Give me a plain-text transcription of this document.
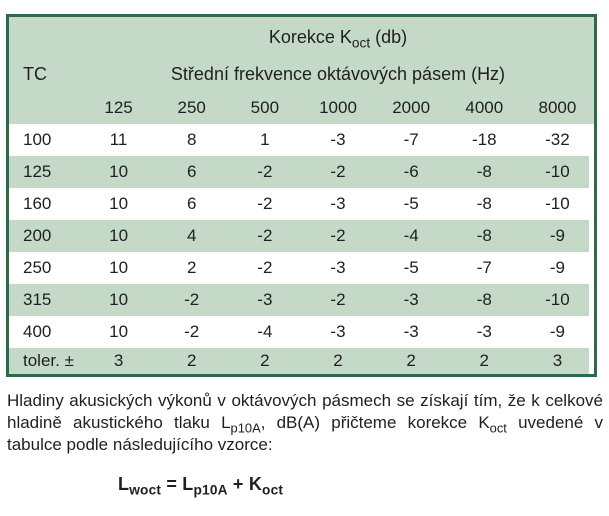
	Korekce $K_{oct}$ (db)						
TC	Střední frekvence oktávových pásem (Hz)						
	125	250	500	1000	2000	4000	8000
100	11	8	1	-3	-7	-18	-32
125	10	6	-2	-2	-6	-8	-10
160	10	6	-2	-3	-5	-8	-10
200	10	4	-2	-2	-4	-8	-9
250	10	2	-2	-3	-5	-7	-9
315	10	-2	-3	-2	-3	-8	-10
400	10	-2	-4	-3	-3	-3	-9
toler. ±	3	2	2	2	2	2	3

Hladiny akusických výkonů v oktávových pásmech se získají tím, že k celkové hladině akustického tlaku $L_{p10A}$, dB(A) přičteme korekce $K_{oct}$ uvedené v tabulce podle následujícího vzorce:

$L_{woct} = L_{p10A} + K_{oct}$
